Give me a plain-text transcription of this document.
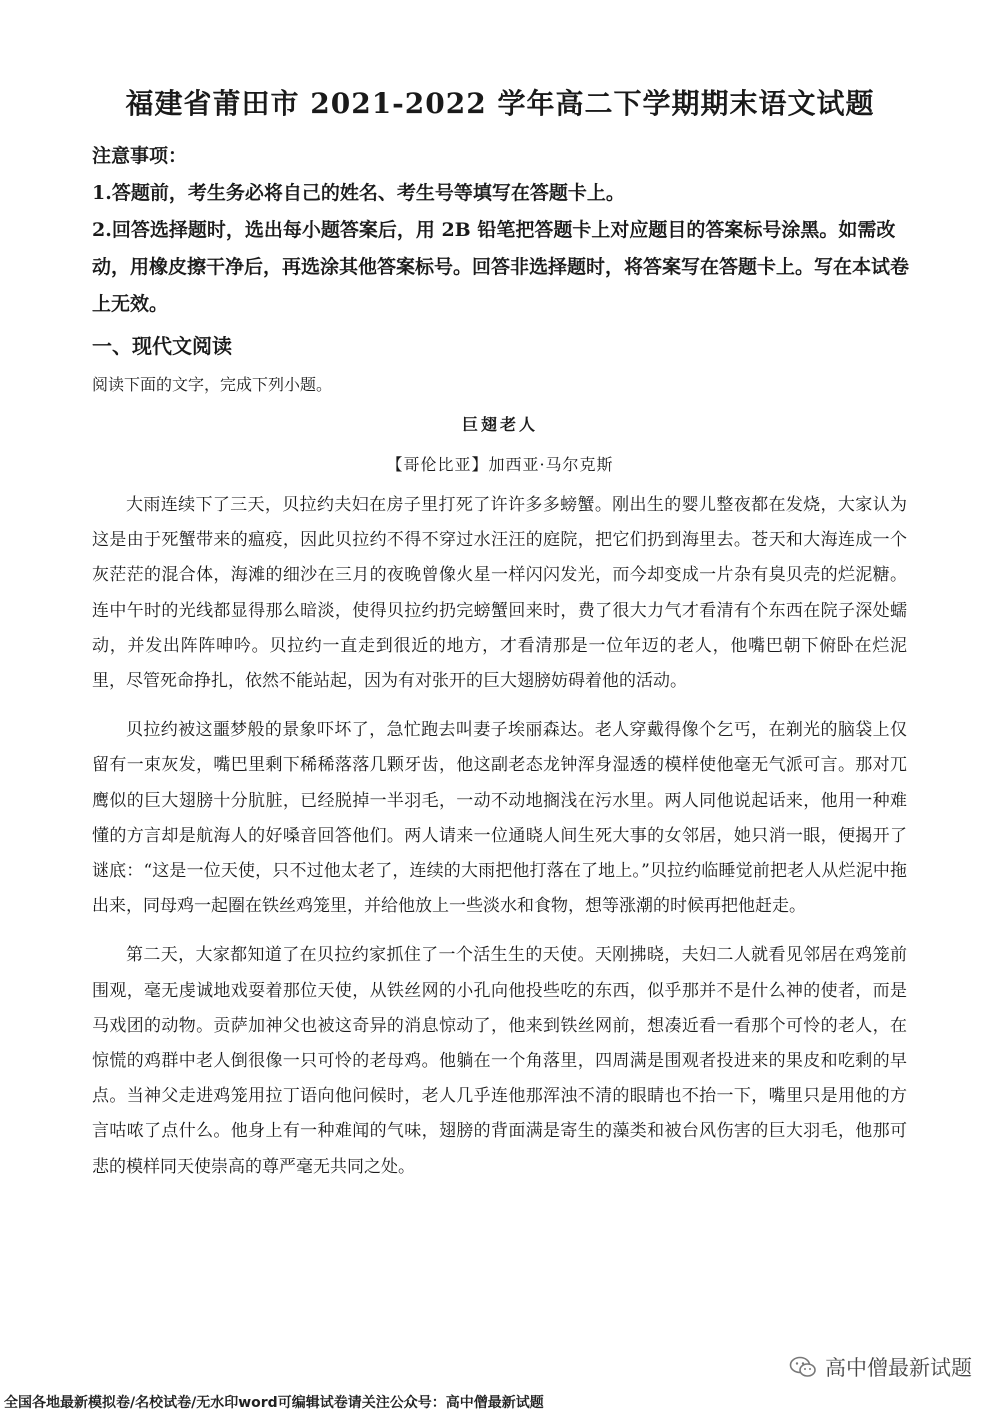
福建省莆田市 2021-2022 学年高二下学期期末语文试题
注意事项：
1.答题前，考生务必将自己的姓名、考生号等填写在答题卡上。
2.回答选择题时，选出每小题答案后，用 2B 铅笔把答题卡上对应题目的答案标号涂黑。如需改动，用橡皮擦干净后，再选涂其他答案标号。回答非选择题时，将答案写在答题卡上。写在本试卷上无效。
一、现代文阅读
阅读下面的文字，完成下列小题。
巨翅老人
【哥伦比亚】加西亚·马尔克斯

大雨连续下了三天，贝拉约夫妇在房子里打死了许许多多螃蟹。刚出生的婴儿整夜都在发烧，大家认为这是由于死蟹带来的瘟疫，因此贝拉约不得不穿过水汪汪的庭院，把它们扔到海里去。苍天和大海连成一个灰茫茫的混合体，海滩的细沙在三月的夜晚曾像火星一样闪闪发光，而今却变成一片杂有臭贝壳的烂泥糖。连中午时的光线都显得那么暗淡，使得贝拉约扔完螃蟹回来时，费了很大力气才看清有个东西在院子深处蠕动，并发出阵阵呻吟。贝拉约一直走到很近的地方，才看清那是一位年迈的老人，他嘴巴朝下俯卧在烂泥里，尽管死命挣扎，依然不能站起，因为有对张开的巨大翅膀妨碍着他的活动。

贝拉约被这噩梦般的景象吓坏了，急忙跑去叫妻子埃丽森达。老人穿戴得像个乞丐，在剃光的脑袋上仅留有一束灰发，嘴巴里剩下稀稀落落几颗牙齿，他这副老态龙钟浑身湿透的模样使他毫无气派可言。那对兀鹰似的巨大翅膀十分肮脏，已经脱掉一半羽毛，一动不动地搁浅在污水里。两人同他说起话来，他用一种难懂的方言却是航海人的好嗓音回答他们。两人请来一位通晓人间生死大事的女邻居，她只消一眼，便揭开了谜底：“这是一位天使，只不过他太老了，连续的大雨把他打落在了地上。”贝拉约临睡觉前把老人从烂泥中拖出来，同母鸡一起圈在铁丝鸡笼里，并给他放上一些淡水和食物，想等涨潮的时候再把他赶走。

第二天，大家都知道了在贝拉约家抓住了一个活生生的天使。天刚拂晓，夫妇二人就看见邻居在鸡笼前围观，毫无虔诚地戏耍着那位天使，从铁丝网的小孔向他投些吃的东西，似乎那并不是什么神的使者，而是马戏团的动物。贡萨加神父也被这奇异的消息惊动了，他来到铁丝网前，想凑近看一看那个可怜的老人，在惊慌的鸡群中老人倒很像一只可怜的老母鸡。他躺在一个角落里，四周满是围观者投进来的果皮和吃剩的早点。当神父走进鸡笼用拉丁语向他问候时，老人几乎连他那浑浊不清的眼睛也不抬一下，嘴里只是用他的方言咕哝了点什么。他身上有一种难闻的气味，翅膀的背面满是寄生的藻类和被台风伤害的巨大羽毛，他那可悲的模样同天使崇高的尊严毫无共同之处。

高中僧最新试题
全国各地最新模拟卷/名校试卷/无水印word可编辑试卷请关注公众号：高中僧最新试题
